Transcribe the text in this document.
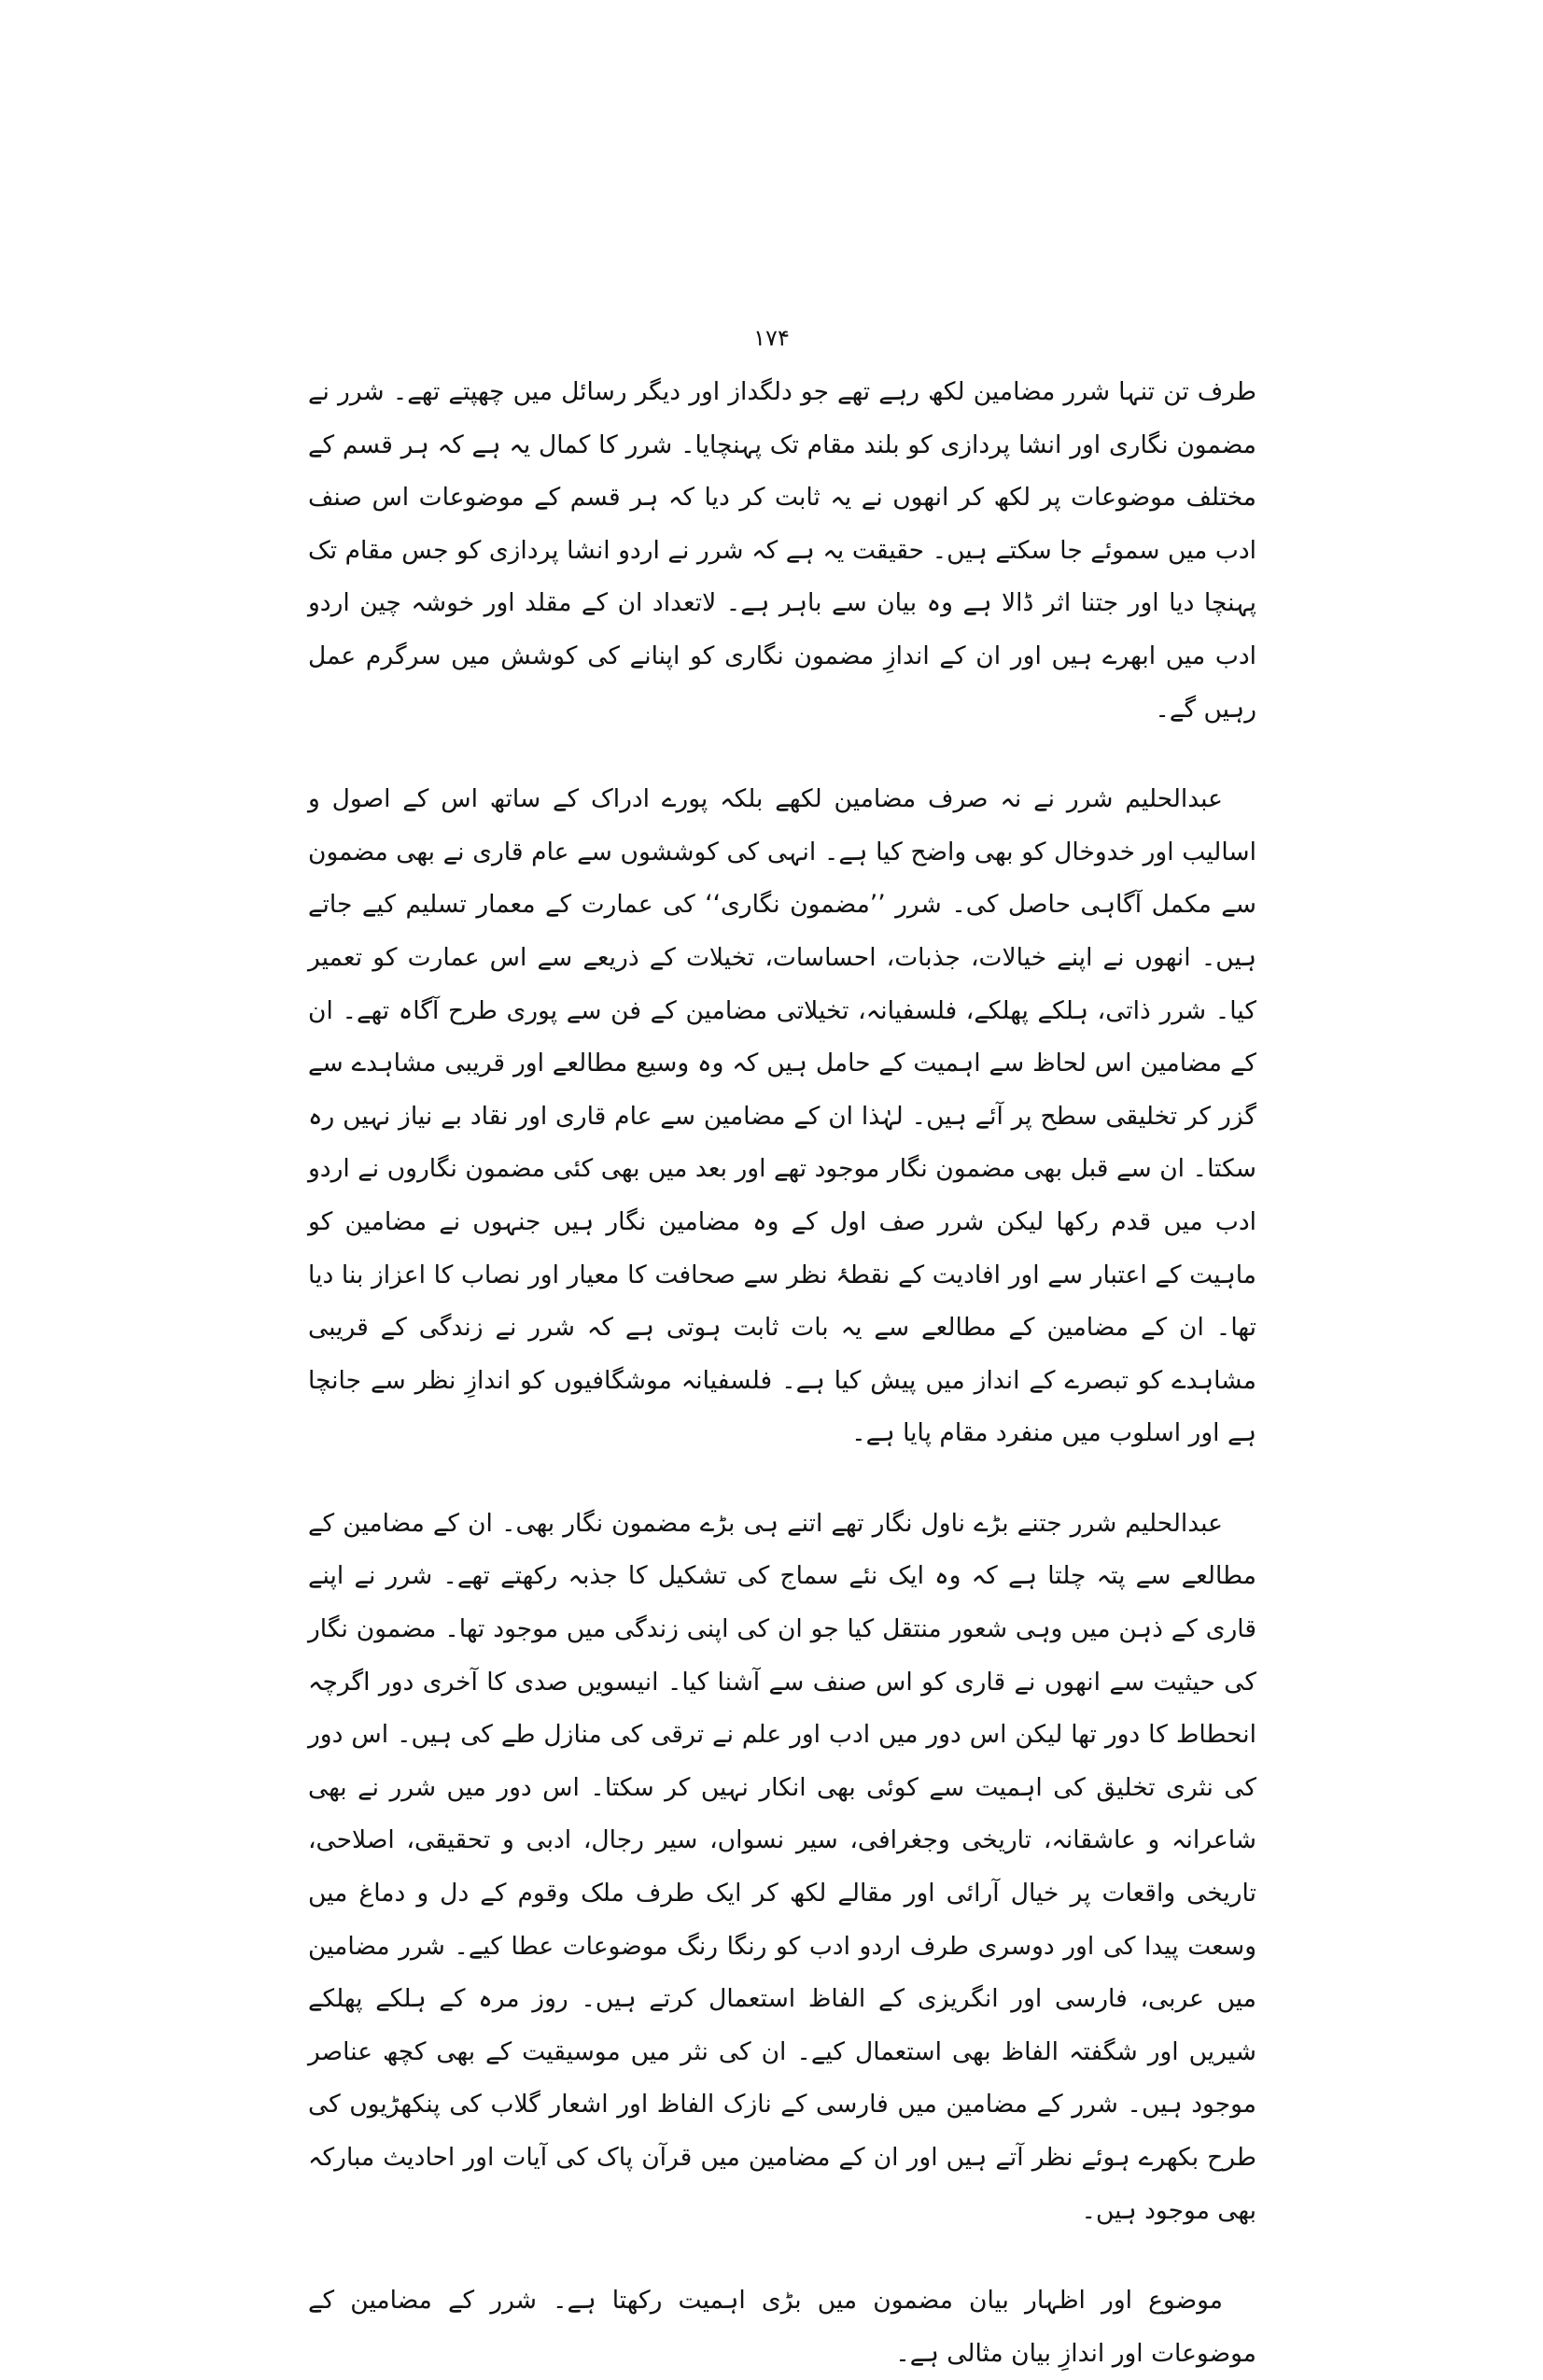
۱۷۴

طرف تن تنہا شرر مضامین لکھ رہے تھے جو دلگداز اور دیگر رسائل میں چھپتے تھے۔ شرر نے مضمون نگاری اور انشا پردازی کو بلند مقام تک پہنچایا۔ شرر کا کمال یہ ہے کہ ہر قسم کے مختلف موضوعات پر لکھ کر انھوں نے یہ ثابت کر دیا کہ ہر قسم کے موضوعات اس صنف ادب میں سموئے جا سکتے ہیں۔ حقیقت یہ ہے کہ شرر نے اردو انشا پردازی کو جس مقام تک پہنچا دیا اور جتنا اثر ڈالا ہے وہ بیان سے باہر ہے۔ لاتعداد ان کے مقلد اور خوشہ چین اردو ادب میں ابھرے ہیں اور ان کے اندازِ مضمون نگاری کو اپنانے کی کوشش میں سرگرم عمل رہیں گے۔

عبدالحلیم شرر نے نہ صرف مضامین لکھے بلکہ پورے ادراک کے ساتھ اس کے اصول و اسالیب اور خدوخال کو بھی واضح کیا ہے۔ انہی کی کوششوں سے عام قاری نے بھی مضمون سے مکمل آگاہی حاصل کی۔ شرر ’’مضمون نگاری‘‘ کی عمارت کے معمار تسلیم کیے جاتے ہیں۔ انھوں نے اپنے خیالات، جذبات، احساسات، تخیلات کے ذریعے سے اس عمارت کو تعمیر کیا۔ شرر ذاتی، ہلکے پھلکے، فلسفیانہ، تخیلاتی مضامین کے فن سے پوری طرح آگاہ تھے۔ ان کے مضامین اس لحاظ سے اہمیت کے حامل ہیں کہ وہ وسیع مطالعے اور قریبی مشاہدے سے گزر کر تخلیقی سطح پر آئے ہیں۔ لہٰذا ان کے مضامین سے عام قاری اور نقاد بے نیاز نہیں رہ سکتا۔ ان سے قبل بھی مضمون نگار موجود تھے اور بعد میں بھی کئی مضمون نگاروں نے اردو ادب میں قدم رکھا لیکن شرر صف اول کے وہ مضامین نگار ہیں جنہوں نے مضامین کو ماہیت کے اعتبار سے اور افادیت کے نقطۂ نظر سے صحافت کا معیار اور نصاب کا اعزاز بنا دیا تھا۔ ان کے مضامین کے مطالعے سے یہ بات ثابت ہوتی ہے کہ شرر نے زندگی کے قریبی مشاہدے کو تبصرے کے انداز میں پیش کیا ہے۔ فلسفیانہ موشگافیوں کو اندازِ نظر سے جانچا ہے اور اسلوب میں منفرد مقام پایا ہے۔

عبدالحلیم شرر جتنے بڑے ناول نگار تھے اتنے ہی بڑے مضمون نگار بھی۔ ان کے مضامین کے مطالعے سے پتہ چلتا ہے کہ وہ ایک نئے سماج کی تشکیل کا جذبہ رکھتے تھے۔ شرر نے اپنے قاری کے ذہن میں وہی شعور منتقل کیا جو ان کی اپنی زندگی میں موجود تھا۔ مضمون نگار کی حیثیت سے انھوں نے قاری کو اس صنف سے آشنا کیا۔ انیسویں صدی کا آخری دور اگرچہ انحطاط کا دور تھا لیکن اس دور میں ادب اور علم نے ترقی کی منازل طے کی ہیں۔ اس دور کی نثری تخلیق کی اہمیت سے کوئی بھی انکار نہیں کر سکتا۔ اس دور میں شرر نے بھی شاعرانہ و عاشقانہ، تاریخی وجغرافی، سیر نسواں، سیر رجال، ادبی و تحقیقی، اصلاحی، تاریخی واقعات پر خیال آرائی اور مقالے لکھ کر ایک طرف ملک وقوم کے دل و دماغ میں وسعت پیدا کی اور دوسری طرف اردو ادب کو رنگا رنگ موضوعات عطا کیے۔ شرر مضامین میں عربی، فارسی اور انگریزی کے الفاظ استعمال کرتے ہیں۔ روز مرہ کے ہلکے پھلکے شیریں اور شگفتہ الفاظ بھی استعمال کیے۔ ان کی نثر میں موسیقیت کے بھی کچھ عناصر موجود ہیں۔ شرر کے مضامین میں فارسی کے نازک الفاظ اور اشعار گلاب کی پنکھڑیوں کی طرح بکھرے ہوئے نظر آتے ہیں اور ان کے مضامین میں قرآن پاک کی آیات اور احادیث مبارکہ بھی موجود ہیں۔

موضوع اور اظہار بیان مضمون میں بڑی اہمیت رکھتا ہے۔ شرر کے مضامین کے موضوعات اور اندازِ بیان مثالی ہے۔
